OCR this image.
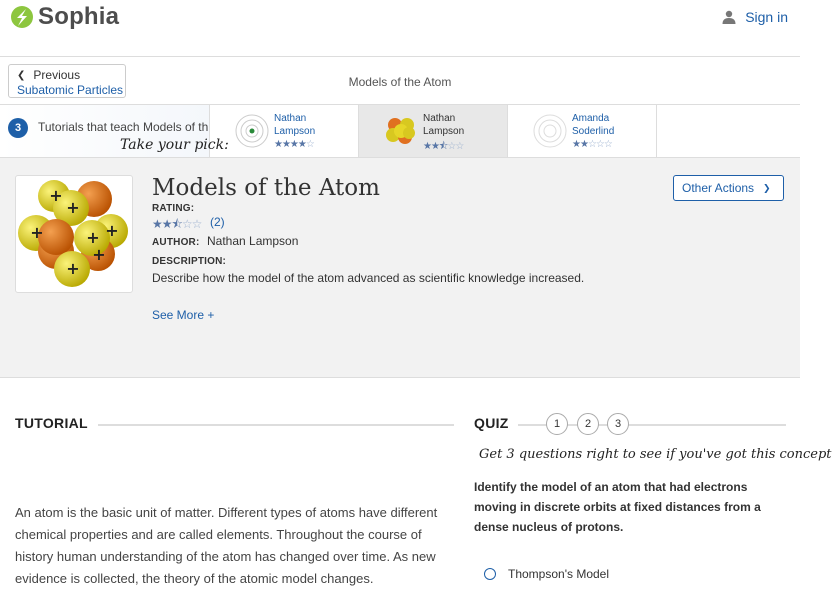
Sophia	Sign in
❮ Previous
Subatomic Particles
Models of the Atom
3	Tutorials that teach Models of th
Take your pick:
Nathan
Lampson
★★★★☆
Nathan
Lampson
★★⯪☆☆
Amanda
Soderlind
★★☆☆☆
+
+
+	+ +
+
+
Models of the Atom	Other Actions ❯
RATING:
★★⯪☆☆ (2)
AUTHOR: Nathan Lampson
DESCRIPTION:
Describe how the model of the atom advanced as scientific knowledge increased.
See More +
TUTORIAL
An atom is the basic unit of matter. Different types of atoms have different chemical properties and are called elements. Throughout the course of history human understanding of the atom has changed over time. As new evidence is collected, the theory of the atomic model changes.
QUIZ	1	2	3
Get 3 questions right to see if you've got this concept
Identify the model of an atom that had electrons moving in discrete orbits at fixed distances from a dense nucleus of protons.
Thompson's Model
